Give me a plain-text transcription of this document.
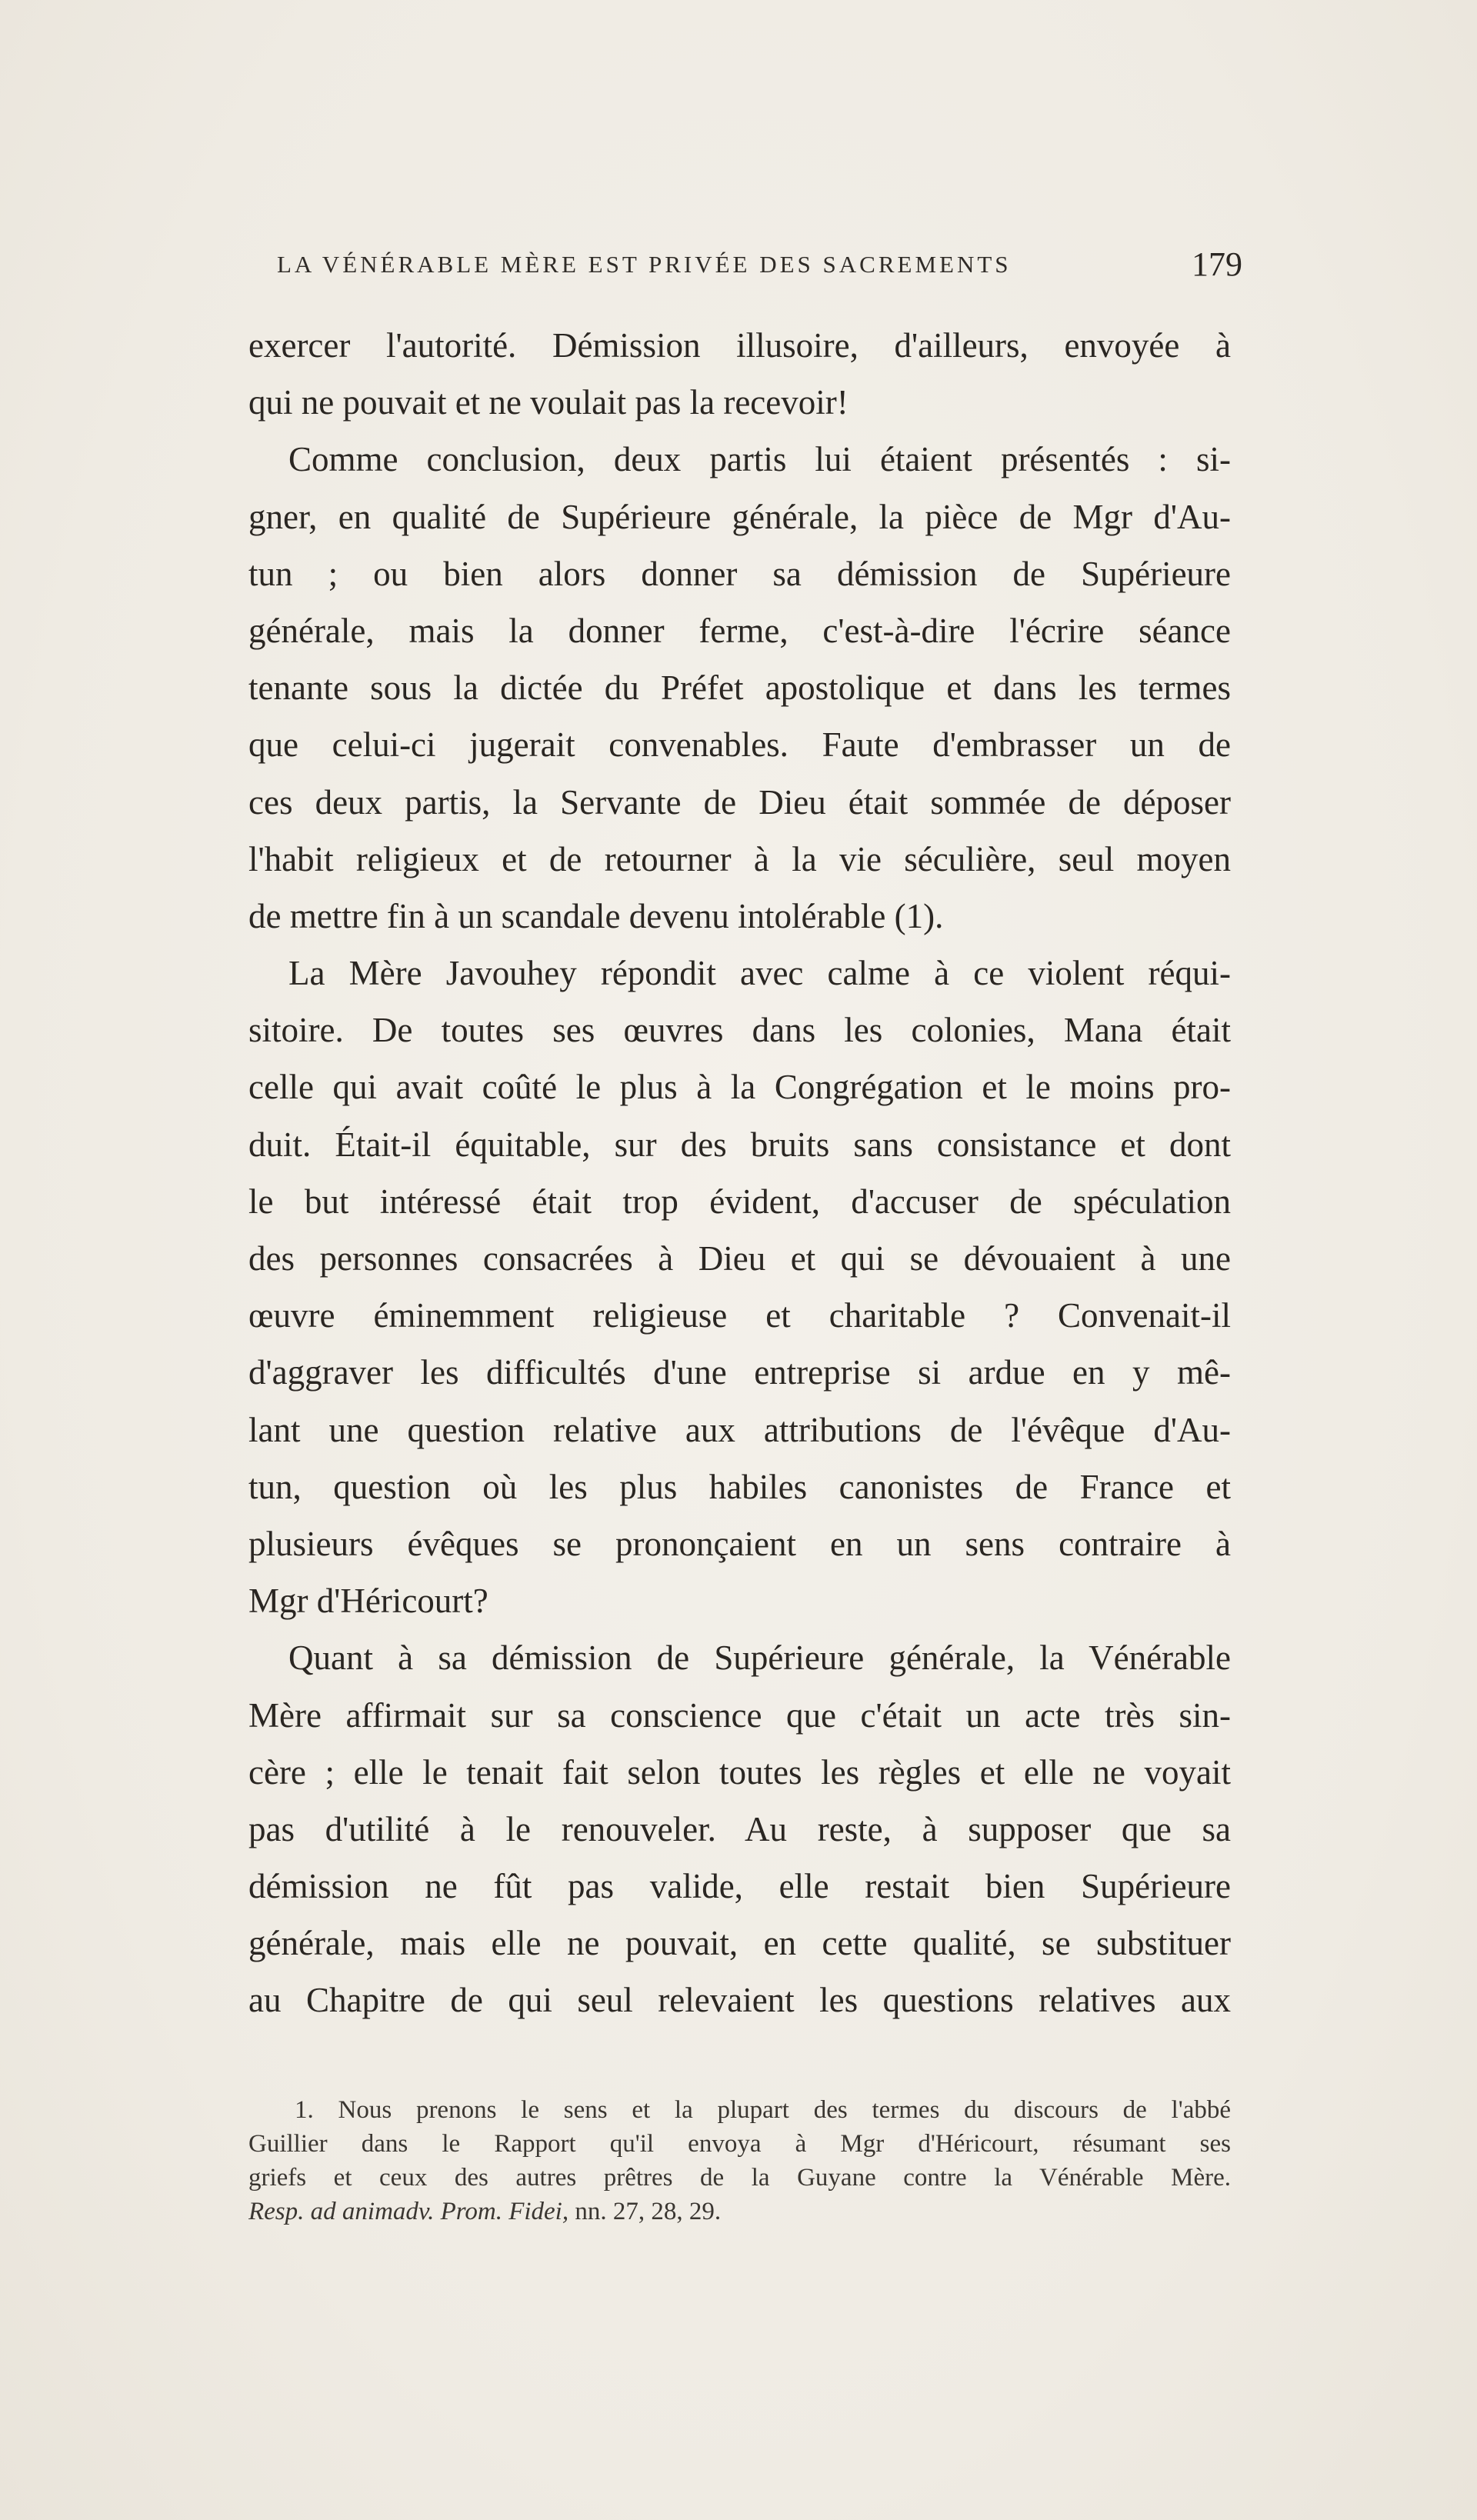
LA VÉNÉRABLE MÈRE EST PRIVÉE DES SACREMENTS	179
exercer l'autorité. Démission illusoire, d'ailleurs, envoyée à
qui ne pouvait et ne voulait pas la recevoir!
Comme conclusion, deux partis lui étaient présentés : si-
gner, en qualité de Supérieure générale, la pièce de Mgr d'Au-
tun ; ou bien alors donner sa démission de Supérieure
générale, mais la donner ferme, c'est-à-dire l'écrire séance
tenante sous la dictée du Préfet apostolique et dans les termes
que celui-ci jugerait convenables. Faute d'embrasser un de
ces deux partis, la Servante de Dieu était sommée de déposer
l'habit religieux et de retourner à la vie séculière, seul moyen
de mettre fin à un scandale devenu intolérable (1).
La Mère Javouhey répondit avec calme à ce violent réqui-
sitoire. De toutes ses œuvres dans les colonies, Mana était
celle qui avait coûté le plus à la Congrégation et le moins pro-
duit. Était-il équitable, sur des bruits sans consistance et dont
le but intéressé était trop évident, d'accuser de spéculation
des personnes consacrées à Dieu et qui se dévouaient à une
œuvre éminemment religieuse et charitable ? Convenait-il
d'aggraver les difficultés d'une entreprise si ardue en y mê-
lant une question relative aux attributions de l'évêque d'Au-
tun, question où les plus habiles canonistes de France et
plusieurs évêques se prononçaient en un sens contraire à
Mgr d'Héricourt?
Quant à sa démission de Supérieure générale, la Vénérable
Mère affirmait sur sa conscience que c'était un acte très sin-
cère ; elle le tenait fait selon toutes les règles et elle ne voyait
pas d'utilité à le renouveler. Au reste, à supposer que sa
démission ne fût pas valide, elle restait bien Supérieure
générale, mais elle ne pouvait, en cette qualité, se substituer
au Chapitre de qui seul relevaient les questions relatives aux
1. Nous prenons le sens et la plupart des termes du discours de l'abbé
Guillier dans le Rapport qu'il envoya à Mgr d'Héricourt, résumant ses
griefs et ceux des autres prêtres de la Guyane contre la Vénérable Mère.
Resp. ad animadv. Prom. Fidei, nn. 27, 28, 29.
